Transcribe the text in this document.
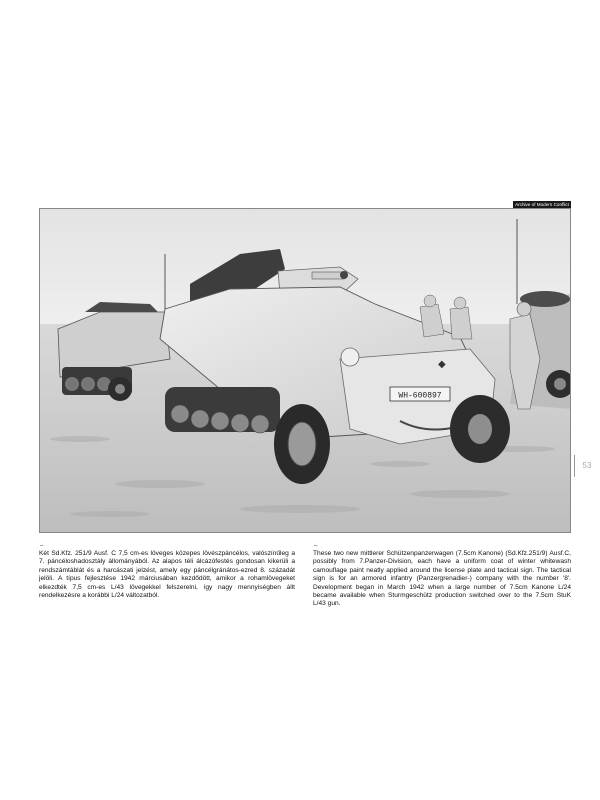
Archive of Modern Conflict
WH-600897
◆
53
–

Két Sd.Kfz. 251/9 Ausf. C 7,5 cm-es löveges közepes lövészpáncélos, valószínűleg a 7. páncéloshadosztály állományából. Az alapos téli álcázófestés gondosan kikerüli a rendszámtáblát és a harcászati jelzést, amely egy páncélgránátos-ezred 8. századát jelöli. A típus fejlesztése 1942 márciusában kezdődött, amikor a rohamlövegeket elkezdték 7,5 cm-es L/43 lövegekkel felszerelni, így nagy mennyiségben állt rendelkezésre a korábbi L/24 változatból.

–

These two new mittlerer Schützenpanzerwagen (7.5cm Kanone) (Sd.Kfz.251/9) Ausf.C, possibly from 7.Panzer-Division, each have a uniform coat of winter whitewash camouflage paint neatly applied around the license plate and tactical sign. The tactical sign is for an armored infantry (Panzergrenadier-) company with the number '8'. Development began in March 1942 when a large number of 7.5cm Kanone L/24 became available when Sturmgeschütz production switched over to the 7.5cm StuK L/43 gun.
